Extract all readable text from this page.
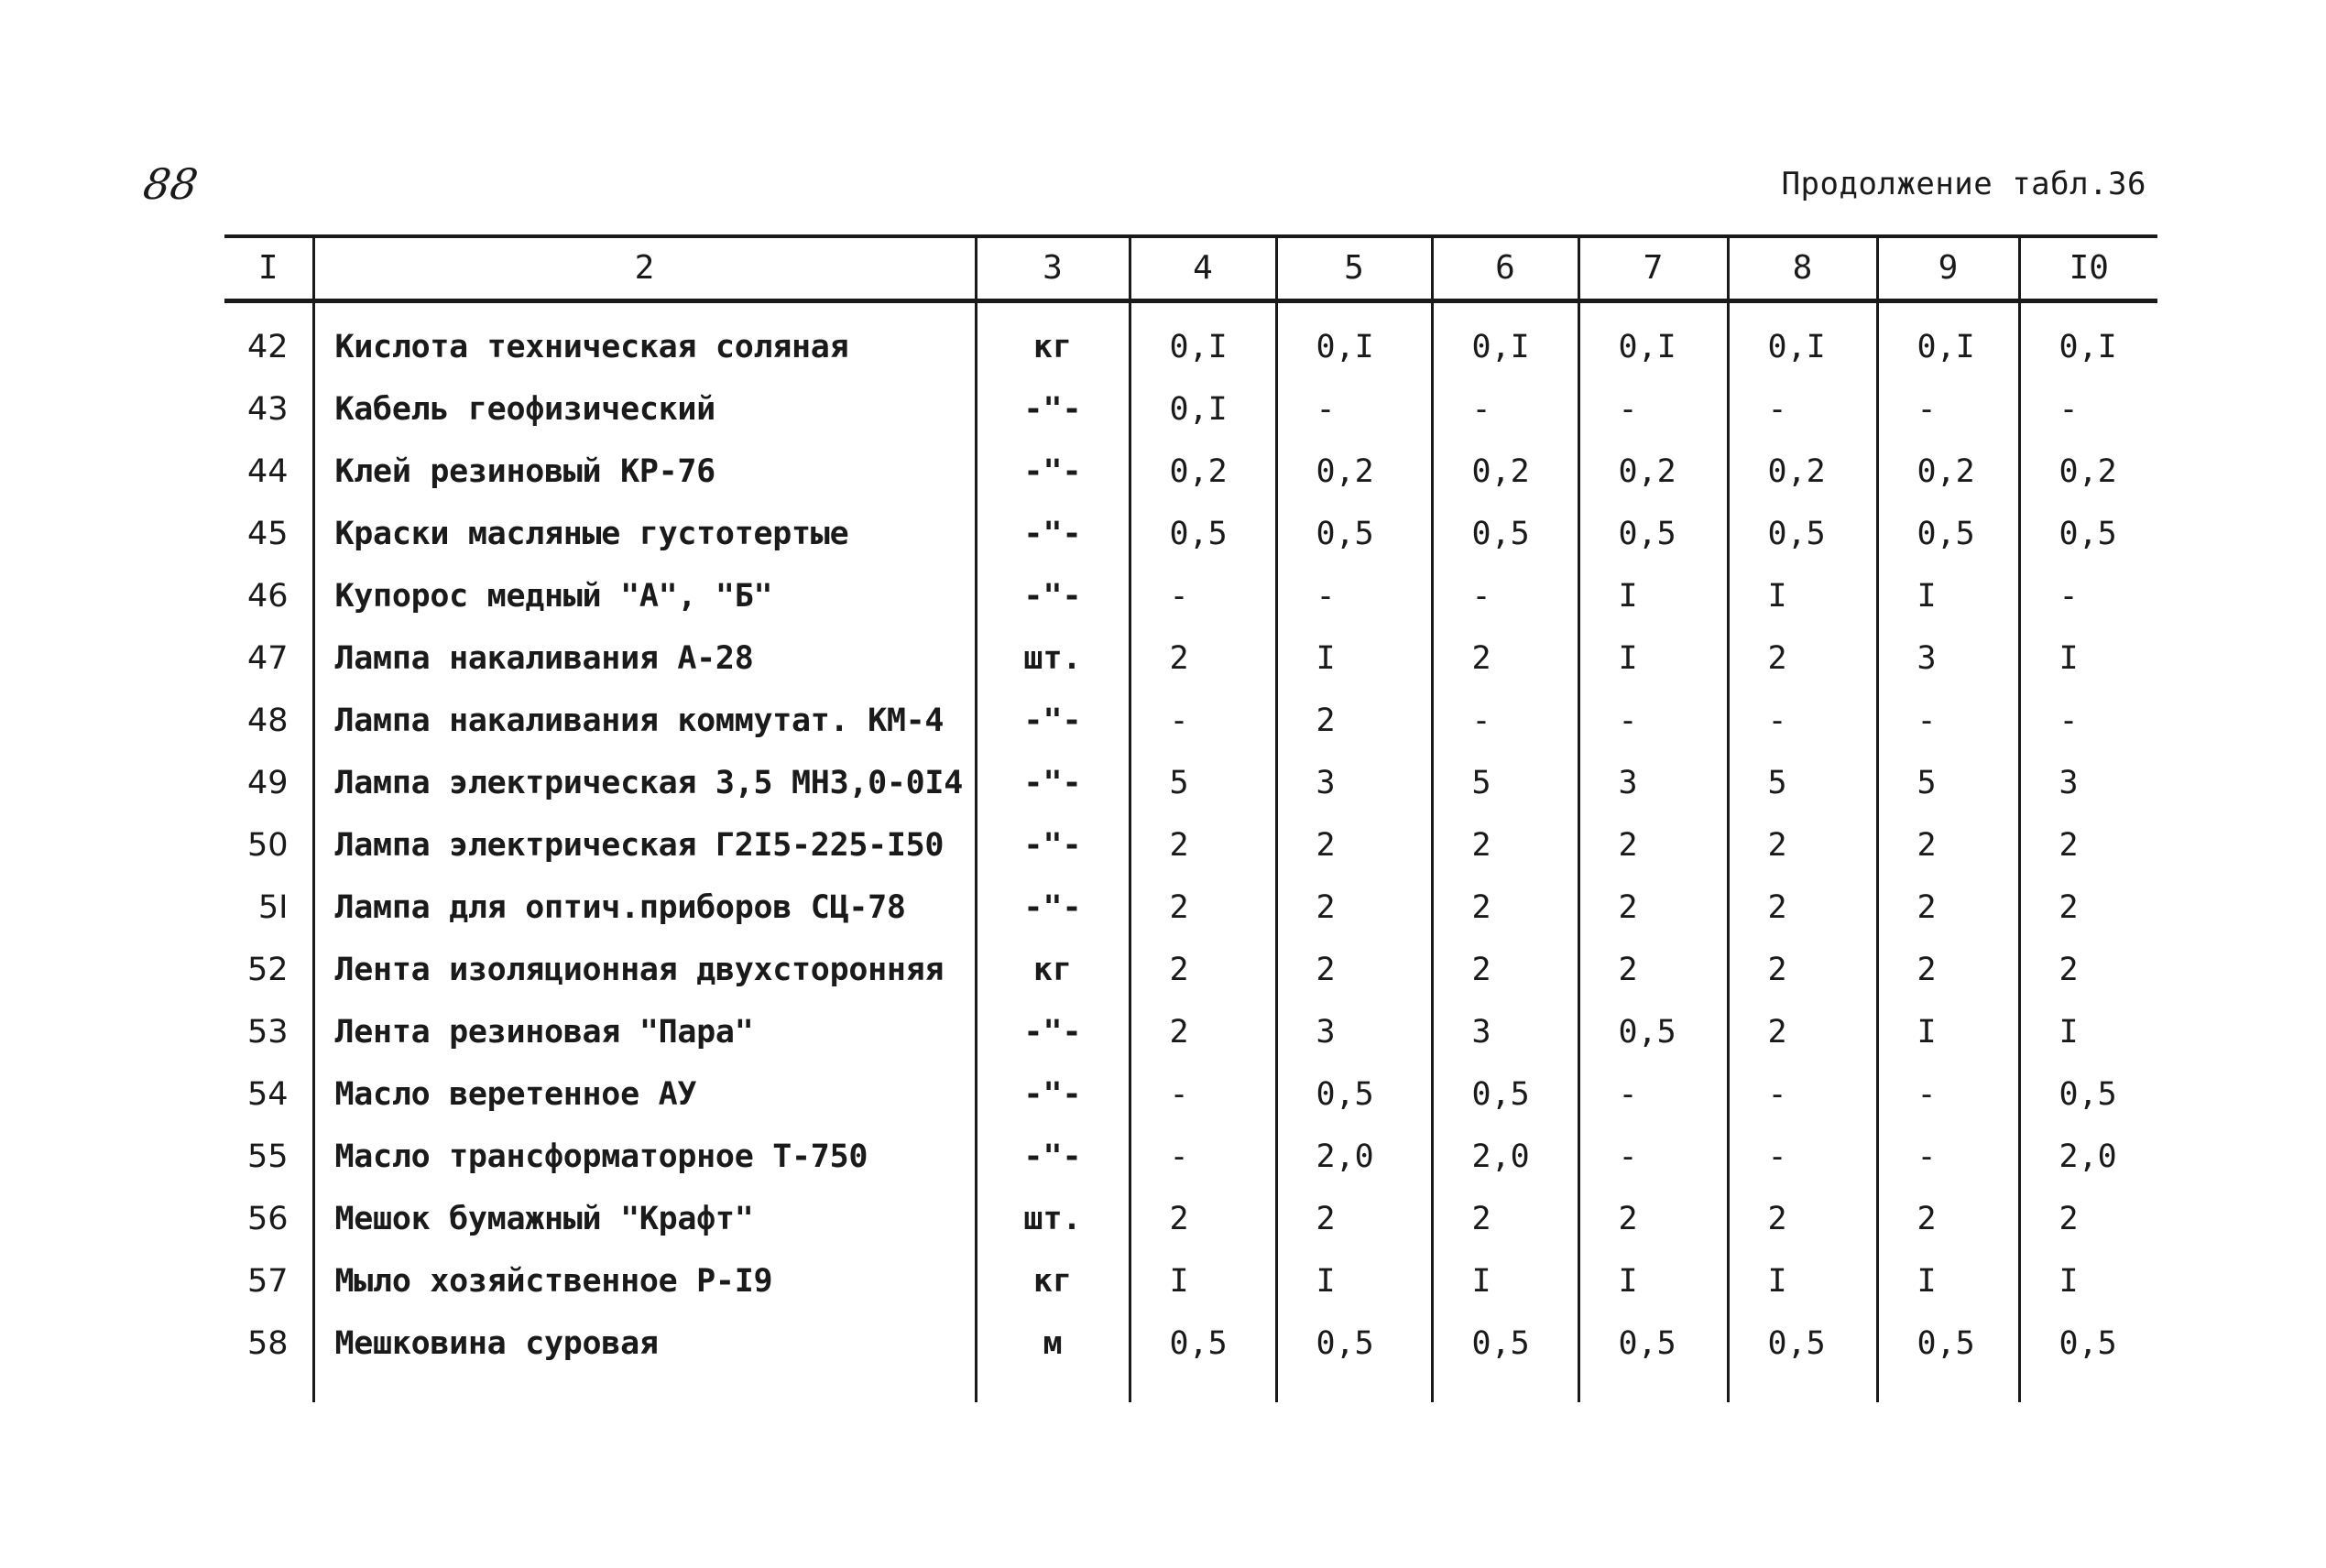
88	Продолжение табл.36
I	2	3	4	5	6	7	8	9	I0

42	Кислота техническая соляная	кг	0,I	0,I	0,I	0,I	0,I	0,I	0,I
43	Кабель геофизический	-"-	0,I	-	-	-	-	-	-
44	Клей резиновый КР-76	-"-	0,2	0,2	0,2	0,2	0,2	0,2	0,2
45	Краски масляные густотертые	-"-	0,5	0,5	0,5	0,5	0,5	0,5	0,5
46	Купорос медный "А", "Б"	-"-	-	-	-	I	I	I	-
47	Лампа накаливания А-28	шт.	2	I	2	I	2	3	I
48	Лампа накаливания коммутат. КМ-4	-"-	-	2	-	-	-	-	-
49	Лампа электрическая 3,5 МНЗ,0-0I4	-"-	5	3	5	3	5	5	3
50	Лампа электрическая Г2I5-225-I50	-"-	2	2	2	2	2	2	2
5I	Лампа для оптич.приборов СЦ-78	-"-	2	2	2	2	2	2	2
52	Лента изоляционная двухсторонняя	кг	2	2	2	2	2	2	2
53	Лента резиновая "Пара"	-"-	2	3	3	0,5	2	I	I
54	Масло веретенное АУ	-"-	-	0,5	0,5	-	-	-	0,5
55	Масло трансформаторное Т-750	-"-	-	2,0	2,0	-	-	-	2,0
56	Мешок бумажный "Крафт"	шт.	2	2	2	2	2	2	2
57	Мыло хозяйственное Р-I9	кг	I	I	I	I	I	I	I
58	Мешковина суровая	м	0,5	0,5	0,5	0,5	0,5	0,5	0,5
